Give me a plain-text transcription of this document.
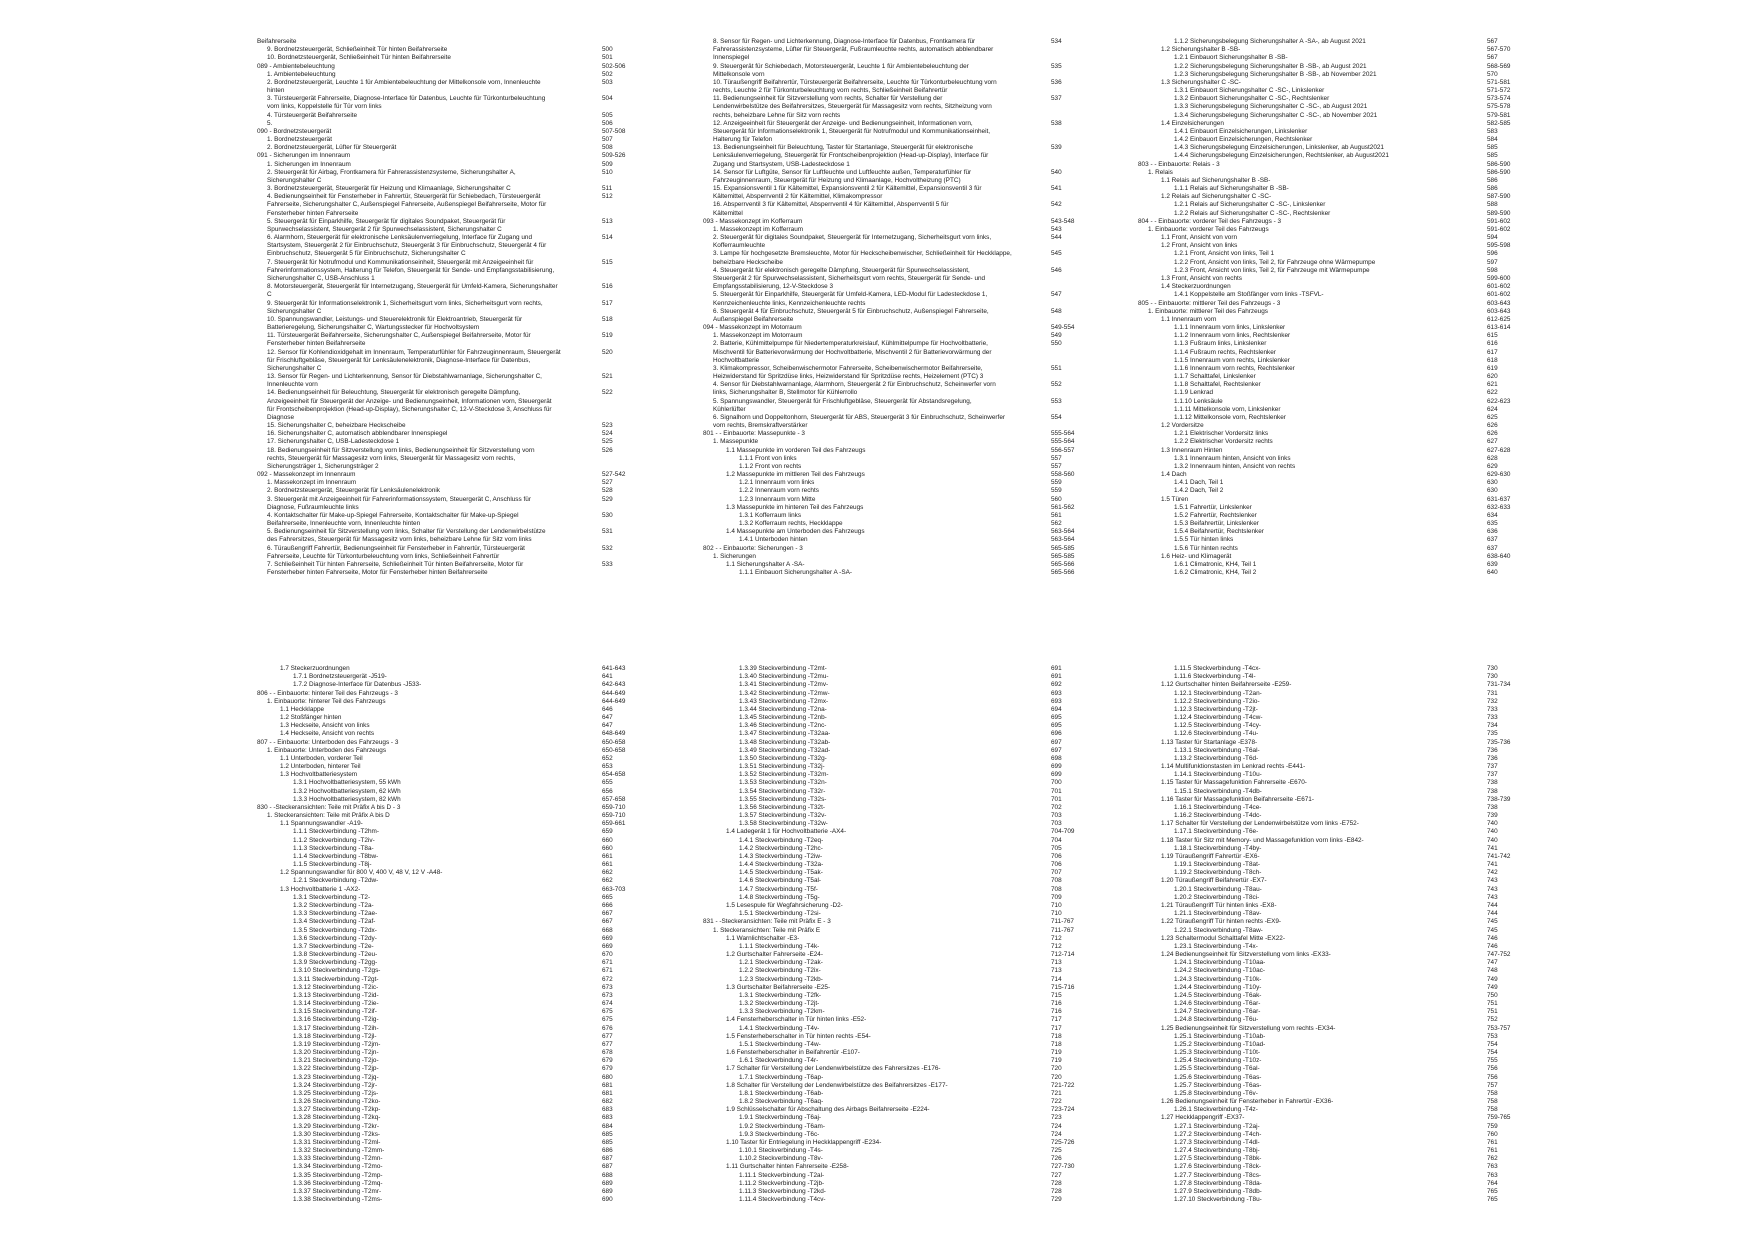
Beifahrerseite
9. Bordnetzsteuergerät, Schließeinheit Tür hinten Beifahrerseite	500
10. Bordnetzsteuergerät, Schließeinheit Tür hinten Beifahrerseite	501
089 - Ambientebeleuchtung	502-506
1. Ambientebeleuchtung	502
2. Bordnetzsteuergerät, Leuchte 1 für Ambientebeleuchtung der Mittelkonsole vorn, Innenleuchte	503
hinten
3. Türsteuergerät Fahrerseite, Diagnose-Interface für Datenbus, Leuchte für Türkonturbeleuchtung	504
vorn links, Koppelstelle für Tür vorn links
4. Türsteuergerät Beifahrerseite	505
5.	506
090 - Bordnetzsteuergerät	507-508
1. Bordnetzsteuergerät	507
2. Bordnetzsteuergerät, Lüfter für Steuergerät	508
091 - Sicherungen im Innenraum	509-526
1. Sicherungen im Innenraum	509
2. Steuergerät für Airbag, Frontkamera für Fahrerassistenzsysteme, Sicherungshalter A,	510
Sicherungshalter C
3. Bordnetzsteuergerät, Steuergerät für Heizung und Klimaanlage, Sicherungshalter C	511
4. Bedienungseinheit für Fensterheber in Fahrertür, Steuergerät für Schiebedach, Türsteuergerät	512
Fahrerseite, Sicherungshalter C, Außenspiegel Fahrerseite, Außenspiegel Beifahrerseite, Motor für
Fensterheber hinten Fahrerseite
5. Steuergerät für Einparkhilfe, Steuergerät für digitales Soundpaket, Steuergerät für	513
Spurwechselassistent, Steuergerät 2 für Spurwechselassistent, Sicherungshalter C
6. Alarmhorn, Steuergerät für elektronische Lenksäulenverriegelung, Interface für Zugang und	514
Startsystem, Steuergerät 2 für Einbruchschutz, Steuergerät 3 für Einbruchschutz, Steuergerät 4 für
Einbruchschutz, Steuergerät 5 für Einbruchschutz, Sicherungshalter C
7. Steuergerät für Notrufmodul und Kommunikationseinheit, Steuergerät mit Anzeigeeinheit für	515
Fahrerinformationssystem, Halterung für Telefon, Steuergerät für Sende- und Empfangsstabilisierung,
Sicherungshalter C, USB-Anschluss 1
8. Motorsteuergerät, Steuergerät für Internetzugang, Steuergerät für Umfeld-Kamera, Sicherungshalter	516
C
9. Steuergerät für Informationselektronik 1, Sicherheitsgurt vorn links, Sicherheitsgurt vorn rechts,	517
Sicherungshalter C
10. Spannungswandler, Leistungs- und Steuerelektronik für Elektroantrieb, Steuergerät für	518
Batterieregelung, Sicherungshalter C, Wartungsstecker für Hochvoltsystem
11. Türsteuergerät Beifahrerseite, Sicherungshalter C, Außenspiegel Beifahrerseite, Motor für	519
Fensterheber hinten Beifahrerseite
12. Sensor für Kohlendioxidgehalt im Innenraum, Temperaturfühler für Fahrzeuginnenraum, Steuergerät	520
für Frischluftgebläse, Steuergerät für Lenksäulenelektronik, Diagnose-Interface für Datenbus,
Sicherungshalter C
13. Sensor für Regen- und Lichterkennung, Sensor für Diebstahlwarnanlage, Sicherungshalter C,	521
Innenleuchte vorn
14. Bedienungseinheit für Beleuchtung, Steuergerät für elektronisch geregelte Dämpfung,	522
Anzeigeeinheit für Steuergerät der Anzeige- und Bedienungseinheit, Informationen vorn, Steuergerät
für Frontscheibenprojektion (Head-up-Display), Sicherungshalter C, 12-V-Steckdose 3, Anschluss für
Diagnose
15. Sicherungshalter C, beheizbare Heckscheibe	523
16. Sicherungshalter C, automatisch abblendbarer Innenspiegel	524
17. Sicherungshalter C, USB-Ladesteckdose 1	525
18. Bedienungseinheit für Sitzverstellung vorn links, Bedienungseinheit für Sitzverstellung vorn	526
rechts, Steuergerät für Massagesitz vorn links, Steuergerät für Massagesitz vorn rechts,
Sicherungsträger 1, Sicherungsträger 2
092 - Massekonzept im Innenraum	527-542
1. Massekonzept im Innenraum	527
2. Bordnetzsteuergerät, Steuergerät für Lenksäulenelektronik	528
3. Steuergerät mit Anzeigeeinheit für Fahrerinformationssystem, Steuergerät C, Anschluss für	529
Diagnose, Fußraumleuchte links
4. Kontaktschalter für Make-up-Spiegel Fahrerseite, Kontaktschalter für Make-up-Spiegel	530
Beifahrerseite, Innenleuchte vorn, Innenleuchte hinten
5. Bedienungseinheit für Sitzverstellung vorn links, Schalter für Verstellung der Lendenwirbelstütze	531
des Fahrersitzes, Steuergerät für Massagesitz vorn links, beheizbare Lehne für Sitz vorn links
6. Türaußengriff Fahrertür, Bedienungseinheit für Fensterheber in Fahrertür, Türsteuergerät	532
Fahrerseite, Leuchte für Türkonturbeleuchtung vorn links, Schließeinheit Fahrertür
7. Schließeinheit Tür hinten Fahrerseite, Schließeinheit Tür hinten Beifahrerseite, Motor für	533
Fensterheber hinten Fahrerseite, Motor für Fensterheber hinten Beifahrerseite
8. Sensor für Regen- und Lichterkennung, Diagnose-Interface für Datenbus, Frontkamera für	534
Fahrerassistenzsysteme, Lüfter für Steuergerät, Fußraumleuchte rechts, automatisch abblendbarer
Innenspiegel
9. Steuergerät für Schiebedach, Motorsteuergerät, Leuchte 1 für Ambientebeleuchtung der	535
Mittelkonsole vorn
10. Türaußengriff Beifahrertür, Türsteuergerät Beifahrerseite, Leuchte für Türkonturbeleuchtung vorn	536
rechts, Leuchte 2 für Türkonturbeleuchtung vorn rechts, Schließeinheit Beifahrertür
11. Bedienungseinheit für Sitzverstellung vorn rechts, Schalter für Verstellung der	537
Lendenwirbelstütze des Beifahrersitzes, Steuergerät für Massagesitz vorn rechts, Sitzheizung vorn
rechts, beheizbare Lehne für Sitz vorn rechts
12. Anzeigeeinheit für Steuergerät der Anzeige- und Bedienungseinheit, Informationen vorn,	538
Steuergerät für Informationselektronik 1, Steuergerät für Notrufmodul und Kommunikationseinheit,
Halterung für Telefon
13. Bedienungseinheit für Beleuchtung, Taster für Startanlage, Steuergerät für elektronische	539
Lenksäulenverriegelung, Steuergerät für Frontscheibenprojektion (Head-up-Display), Interface für
Zugang und Startsystem, USB-Ladesteckdose 1
14. Sensor für Luftgüte, Sensor für Luftfeuchte und Luftfeuchte außen, Temperaturfühler für	540
Fahrzeuginnenraum, Steuergerät für Heizung und Klimaanlage, Hochvoltheizung (PTC)
15. Expansionsventil 1 für Kältemittel, Expansionsventil 2 für Kältemittel, Expansionsventil 3 für	541
Kältemittel, Absperrventil 2 für Kältemittel, Klimakompressor
16. Absperrventil 3 für Kältemittel, Absperrventil 4 für Kältemittel, Absperrventil 5 für	542
Kältemittel
093 - Massekonzept im Kofferraum	543-548
1. Massekonzept im Kofferraum	543
2. Steuergerät für digitales Soundpaket, Steuergerät für Internetzugang, Sicherheitsgurt vorn links,	544
Kofferraumleuchte
3. Lampe für hochgesetzte Bremsleuchte, Motor für Heckscheibenwischer, Schließeinheit für Heckklappe,	545
beheizbare Heckscheibe
4. Steuergerät für elektronisch geregelte Dämpfung, Steuergerät für Spurwechselassistent,	546
Steuergerät 2 für Spurwechselassistent, Sicherheitsgurt vorn rechts, Steuergerät für Sende- und
Empfangsstabilisierung, 12-V-Steckdose 3
5. Steuergerät für Einparkhilfe, Steuergerät für Umfeld-Kamera, LED-Modul für Ladesteckdose 1,	547
Kennzeichenleuchte links, Kennzeichenleuchte rechts
6. Steuergerät 4 für Einbruchschutz, Steuergerät 5 für Einbruchschutz, Außenspiegel Fahrerseite,	548
Außenspiegel Beifahrerseite
094 - Massekonzept im Motorraum	549-554
1. Massekonzept im Motorraum	549
2. Batterie, Kühlmittelpumpe für Niedertemperaturkreislauf, Kühlmittelpumpe für Hochvoltbatterie,	550
Mischventil für Batterievorwärmung der Hochvoltbatterie, Mischventil 2 für Batterievorwärmung der
Hochvoltbatterie
3. Klimakompressor, Scheibenwischermotor Fahrerseite, Scheibenwischermotor Beifahrerseite,	551
Heizwiderstand für Spritzdüse links, Heizwiderstand für Spritzdüse rechts, Heizelement (PTC) 3
4. Sensor für Diebstahlwarnanlage, Alarmhorn, Steuergerät 2 für Einbruchschutz, Scheinwerfer vorn	552
links, Sicherungshalter B, Stellmotor für Kühlerrollo
5. Spannungswandler, Steuergerät für Frischluftgebläse, Steuergerät für Abstandsregelung,	553
Kühlerlüfter
6. Signalhorn und Doppeltonhorn, Steuergerät für ABS, Steuergerät 3 für Einbruchschutz, Scheinwerfer	554
vorn rechts, Bremskraftverstärker
801 - - Einbauorte: Massepunkte - 3	555-564
1. Massepunkte	555-564
1.1 Massepunkte im vorderen Teil des Fahrzeugs	556-557
1.1.1 Front von links	557
1.1.2 Front von rechts	557
1.2 Massepunkte im mittleren Teil des Fahrzeugs	558-560
1.2.1 Innenraum vorn links	559
1.2.2 Innenraum vorn rechts	559
1.2.3 Innenraum vorn Mitte	560
1.3 Massepunkte im hinteren Teil des Fahrzeugs	561-562
1.3.1 Kofferraum links	561
1.3.2 Kofferraum rechts, Heckklappe	562
1.4 Massepunkte am Unterboden des Fahrzeugs	563-564
1.4.1 Unterboden hinten	563-564
802 - - Einbauorte: Sicherungen - 3	565-585
1. Sicherungen	565-585
1.1 Sicherungshalter A -SA-	565-566
1.1.1 Einbauort Sicherungshalter A -SA-	565-566
1.1.2 Sicherungsbelegung Sicherungshalter A -SA-, ab August 2021	567
1.2 Sicherungshalter B -SB-	567-570
1.2.1 Einbauort Sicherungshalter B -SB-	567
1.2.2 Sicherungsbelegung Sicherungshalter B -SB-, ab August 2021	568-569
1.2.3 Sicherungsbelegung Sicherungshalter B -SB-, ab November 2021	570
1.3 Sicherungshalter C -SC-	571-581
1.3.1 Einbauort Sicherungshalter C -SC-, Linkslenker	571-572
1.3.2 Einbauort Sicherungshalter C -SC-, Rechtslenker	573-574
1.3.3 Sicherungsbelegung Sicherungshalter C -SC-, ab August 2021	575-578
1.3.4 Sicherungsbelegung Sicherungshalter C -SC-, ab November 2021	579-581
1.4 Einzelsicherungen	582-585
1.4.1 Einbauort Einzelsicherungen, Linkslenker	583
1.4.2 Einbauort Einzelsicherungen, Rechtslenker	584
1.4.3 Sicherungsbelegung Einzelsicherungen, Linkslenker, ab August2021	585
1.4.4 Sicherungsbelegung Einzelsicherungen, Rechtslenker, ab August2021	585
803 - - Einbauorte: Relais - 3	586-590
1. Relais	586-590
1.1 Relais auf Sicherungshalter B -SB-	586
1.1.1 Relais auf Sicherungshalter B -SB-	586
1.2 Relais auf Sicherungshalter C -SC-	587-590
1.2.1 Relais auf Sicherungshalter C -SC-, Linkslenker	588
1.2.2 Relais auf Sicherungshalter C -SC-, Rechtslenker	589-590
804 - - Einbauorte: vorderer Teil des Fahrzeugs - 3	591-602
1. Einbauorte: vorderer Teil des Fahrzeugs	591-602
1.1 Front, Ansicht von vorn	594
1.2 Front, Ansicht von links	595-598
1.2.1 Front, Ansicht von links, Teil 1	596
1.2.2 Front, Ansicht von links, Teil 2, für Fahrzeuge ohne Wärmepumpe	597
1.2.3 Front, Ansicht von links, Teil 2, für Fahrzeuge mit Wärmepumpe	598
1.3 Front, Ansicht von rechts	599-600
1.4 Steckerzuordnungen	601-602
1.4.1 Koppelstelle am Stoßfänger vorn links -TSFVL-	601-602
805 - - Einbauorte: mittlerer Teil des Fahrzeugs - 3	603-643
1. Einbauorte: mittlerer Teil des Fahrzeugs	603-643
1.1 Innenraum vorn	612-625
1.1.1 Innenraum vorn links, Linkslenker	613-614
1.1.2 Innenraum vorn links, Rechtslenker	615
1.1.3 Fußraum links, Linkslenker	616
1.1.4 Fußraum rechts, Rechtslenker	617
1.1.5 Innenraum vorn rechts, Linkslenker	618
1.1.6 Innenraum vorn rechts, Rechtslenker	619
1.1.7 Schalttafel, Linkslenker	620
1.1.8 Schalttafel, Rechtslenker	621
1.1.9 Lenkrad	622
1.1.10 Lenksäule	622-623
1.1.11 Mittelkonsole vorn, Linkslenker	624
1.1.12 Mittelkonsole vorn, Rechtslenker	625
1.2 Vordersitze	626
1.2.1 Elektrischer Vordersitz links	626
1.2.2 Elektrischer Vordersitz rechts	627
1.3 Innenraum Hinten	627-628
1.3.1 Innenraum hinten, Ansicht von links	628
1.3.2 Innenraum hinten, Ansicht von rechts	629
1.4 Dach	629-630
1.4.1 Dach, Teil 1	630
1.4.2 Dach, Teil 2	630
1.5 Türen	631-637
1.5.1 Fahrertür, Linkslenker	632-633
1.5.2 Fahrertür, Rechtslenker	634
1.5.3 Beifahrertür, Linkslenker	635
1.5.4 Beifahrertür, Rechtslenker	636
1.5.5 Tür hinten links	637
1.5.6 Tür hinten rechts	637
1.6 Heiz- und Klimagerät	638-640
1.6.1 Climatronic, KH4, Teil 1	639
1.6.2 Climatronic, KH4, Teil 2	640
1.7 Steckerzuordnungen	641-643
1.7.1 Bordnetzsteuergerät -J519-	641
1.7.2 Diagnose-Interface für Datenbus -J533-	642-643
806 - - Einbauorte: hinterer Teil des Fahrzeugs - 3	644-649
1. Einbauorte: hinterer Teil des Fahrzeugs	644-649
1.1 Heckklappe	646
1.2 Stoßfänger hinten	647
1.3 Heckseite, Ansicht von links	647
1.4 Heckseite, Ansicht von rechts	648-649
807 - - Einbauorte: Unterboden des Fahrzeugs - 3	650-658
1. Einbauorte: Unterboden des Fahrzeugs	650-658
1.1 Unterboden, vorderer Teil	652
1.2 Unterboden, hinterer Teil	653
1.3 Hochvoltbatteriesystem	654-658
1.3.1 Hochvoltbatteriesystem, 55 kWh	655
1.3.2 Hochvoltbatteriesystem, 62 kWh	656
1.3.3 Hochvoltbatteriesystem, 82 kWh	657-658
830 - -Steckeransichten: Teile mit Präfix A bis D - 3	659-710
1. Steckeransichten: Teile mit Präfix A bis D	659-710
1.1 Spannungswandler -A19-	659-661
1.1.1 Steckverbindung -T2hm-	659
1.1.2 Steckverbindung -T2iv-	660
1.1.3 Steckverbindung -T8a-	660
1.1.4 Steckverbindung -T8bw-	661
1.1.5 Steckverbindung -T8j-	661
1.2 Spannungswandler für 800 V, 400 V, 48 V, 12 V -A48-	662
1.2.1 Steckverbindung -T2dw-	662
1.3 Hochvoltbatterie 1 -AX2-	663-703
1.3.1 Steckverbindung -T2-	665
1.3.2 Steckverbindung -T2a-	666
1.3.3 Steckverbindung -T2ae-	667
1.3.4 Steckverbindung -T2af-	667
1.3.5 Steckverbindung -T2dx-	668
1.3.6 Steckverbindung -T2dy-	669
1.3.7 Steckverbindung -T2e-	669
1.3.8 Steckverbindung -T2eu-	670
1.3.9 Steckverbindung -T2gg-	671
1.3.10 Steckverbindung -T2gs-	671
1.3.11 Steckverbindung -T2gt-	672
1.3.12 Steckverbindung -T2ic-	673
1.3.13 Steckverbindung -T2id-	673
1.3.14 Steckverbindung -T2ie-	674
1.3.15 Steckverbindung -T2if-	675
1.3.16 Steckverbindung -T2ig-	675
1.3.17 Steckverbindung -T2ih-	676
1.3.18 Steckverbindung -T2jl-	677
1.3.19 Steckverbindung -T2jm-	677
1.3.20 Steckverbindung -T2jn-	678
1.3.21 Steckverbindung -T2jo-	679
1.3.22 Steckverbindung -T2jp-	679
1.3.23 Steckverbindung -T2jq-	680
1.3.24 Steckverbindung -T2jr-	681
1.3.25 Steckverbindung -T2js-	681
1.3.26 Steckverbindung -T2ko-	682
1.3.27 Steckverbindung -T2kp-	683
1.3.28 Steckverbindung -T2kq-	683
1.3.29 Steckverbindung -T2kr-	684
1.3.30 Steckverbindung -T2ks-	685
1.3.31 Steckverbindung -T2ml-	685
1.3.32 Steckverbindung -T2mm-	686
1.3.33 Steckverbindung -T2mn-	687
1.3.34 Steckverbindung -T2mo-	687
1.3.35 Steckverbindung -T2mp-	688
1.3.36 Steckverbindung -T2mq-	689
1.3.37 Steckverbindung -T2mr-	689
1.3.38 Steckverbindung -T2ms-	690
1.3.39 Steckverbindung -T2mt-	691
1.3.40 Steckverbindung -T2mu-	691
1.3.41 Steckverbindung -T2mv-	692
1.3.42 Steckverbindung -T2mw-	693
1.3.43 Steckverbindung -T2mx-	693
1.3.44 Steckverbindung -T2na-	694
1.3.45 Steckverbindung -T2nb-	695
1.3.46 Steckverbindung -T2nc-	695
1.3.47 Steckverbindung -T32aa-	696
1.3.48 Steckverbindung -T32ab-	697
1.3.49 Steckverbindung -T32ad-	697
1.3.50 Steckverbindung -T32g-	698
1.3.51 Steckverbindung -T32j-	699
1.3.52 Steckverbindung -T32m-	699
1.3.53 Steckverbindung -T32n-	700
1.3.54 Steckverbindung -T32r-	701
1.3.55 Steckverbindung -T32s-	701
1.3.56 Steckverbindung -T32t-	702
1.3.57 Steckverbindung -T32v-	703
1.3.58 Steckverbindung -T32w-	703
1.4 Ladegerät 1 für Hochvoltbatterie -AX4-	704-709
1.4.1 Steckverbindung -T2eq-	704
1.4.2 Steckverbindung -T2hc-	705
1.4.3 Steckverbindung -T2iw-	706
1.4.4 Steckverbindung -T32a-	706
1.4.5 Steckverbindung -T5ak-	707
1.4.6 Steckverbindung -T5al-	708
1.4.7 Steckverbindung -T5f-	708
1.4.8 Steckverbindung -T5g-	709
1.5 Lesespule für Wegfahrsicherung -D2-	710
1.5.1 Steckverbindung -T2si-	710
831 - -Steckeransichten: Teile mit Präfix E - 3	711-767
1. Steckeransichten: Teile mit Präfix E	711-767
1.1 Warnlichtschalter -E3-	712
1.1.1 Steckverbindung -T4k-	712
1.2 Gurtschalter Fahrerseite -E24-	712-714
1.2.1 Steckverbindung -T2ak-	713
1.2.2 Steckverbindung -T2ix-	713
1.2.3 Steckverbindung -T2kb-	714
1.3 Gurtschalter Beifahrerseite -E25-	715-716
1.3.1 Steckverbindung -T2fk-	715
1.3.2 Steckverbindung -T2jt-	716
1.3.3 Steckverbindung -T2km-	716
1.4 Fensterheberschalter in Tür hinten links -E52-	717
1.4.1 Steckverbindung -T4v-	717
1.5 Fensterheberschalter in Tür hinten rechts -E54-	718
1.5.1 Steckverbindung -T4w-	718
1.6 Fensterheberschalter in Beifahrertür -E107-	719
1.6.1 Steckverbindung -T4r-	719
1.7 Schalter für Verstellung der Lendenwirbelstütze des Fahrersitzes -E176-	720
1.7.1 Steckverbindung -T6ap-	720
1.8 Schalter für Verstellung der Lendenwirbelstütze des Beifahrersitzes -E177-	721-722
1.8.1 Steckverbindung -T6ab-	721
1.8.2 Steckverbindung -T6aq-	722
1.9 Schlüsselschalter für Abschaltung des Airbags Beifahrerseite -E224-	723-724
1.9.1 Steckverbindung -T6aj-	723
1.9.2 Steckverbindung -T6am-	724
1.9.3 Steckverbindung -T6c-	724
1.10 Taster für Entriegelung in Heckklappengriff -E234-	725-726
1.10.1 Steckverbindung -T4s-	725
1.10.2 Steckverbindung -T8v-	726
1.11 Gurtschalter hinten Fahrerseite -E258-	727-730
1.11.1 Steckverbindung -T2al-	727
1.11.2 Steckverbindung -T2jb-	728
1.11.3 Steckverbindung -T2kd-	728
1.11.4 Steckverbindung -T4cv-	729
1.11.5 Steckverbindung -T4cx-	730
1.11.6 Steckverbindung -T4l-	730
1.12 Gurtschalter hinten Beifahrerseite -E259-	731-734
1.12.1 Steckverbindung -T2an-	731
1.12.2 Steckverbindung -T2io-	732
1.12.3 Steckverbindung -T2jt-	733
1.12.4 Steckverbindung -T4cw-	733
1.12.5 Steckverbindung -T4cy-	734
1.12.6 Steckverbindung -T4u-	735
1.13 Taster für Startanlage -E378-	735-736
1.13.1 Steckverbindung -T6al-	736
1.13.2 Steckverbindung -T6d-	736
1.14 Multifunktionstasten im Lenkrad rechts -E441-	737
1.14.1 Steckverbindung -T10u-	737
1.15 Taster für Massagefunktion Fahrerseite -E670-	738
1.15.1 Steckverbindung -T4db-	738
1.16 Taster für Massagefunktion Beifahrerseite -E671-	738-739
1.16.1 Steckverbindung -T4ce-	738
1.16.2 Steckverbindung -T4dc-	739
1.17 Schalter für Verstellung der Lendenwirbelstütze vorn links -E752-	740
1.17.1 Steckverbindung -T6e-	740
1.18 Taster für Sitz mit Memory- und Massagefunktion vorn links -E842-	740
1.18.1 Steckverbindung -T4by-	741
1.19 Türaußengriff Fahrertür -EX6-	741-742
1.19.1 Steckverbindung -T8at-	741
1.19.2 Steckverbindung -T8ch-	742
1.20 Türaußengriff Beifahrertür -EX7-	743
1.20.1 Steckverbindung -T8au-	743
1.20.2 Steckverbindung -T8ci-	743
1.21 Türaußengriff Tür hinten links -EX8-	744
1.21.1 Steckverbindung -T8av-	744
1.22 Türaußengriff Tür hinten rechts -EX9-	745
1.22.1 Steckverbindung -T8aw-	745
1.23 Schaltermodul Schalttafel Mitte -EX22-	746
1.23.1 Steckverbindung -T4x-	746
1.24 Bedienungseinheit für Sitzverstellung vorn links -EX33-	747-752
1.24.1 Steckverbindung -T10aa-	747
1.24.2 Steckverbindung -T10ac-	748
1.24.3 Steckverbindung -T10k-	749
1.24.4 Steckverbindung -T10y-	749
1.24.5 Steckverbindung -T6ak-	750
1.24.6 Steckverbindung -T6ar-	751
1.24.7 Steckverbindung -T6ar-	751
1.24.8 Steckverbindung -T6u-	752
1.25 Bedienungseinheit für Sitzverstellung vorn rechts -EX34-	753-757
1.25.1 Steckverbindung -T10ab-	753
1.25.2 Steckverbindung -T10ad-	754
1.25.3 Steckverbindung -T10t-	754
1.25.4 Steckverbindung -T10z-	755
1.25.5 Steckverbindung -T6al-	756
1.25.6 Steckverbindung -T6as-	756
1.25.7 Steckverbindung -T6as-	757
1.25.8 Steckverbindung -T6v-	758
1.26 Bedienungseinheit für Fensterheber in Fahrertür -EX36-	758
1.26.1 Steckverbindung -T4z-	758
1.27 Heckklappengriff -EX37-	759-765
1.27.1 Steckverbindung -T2aj-	759
1.27.2 Steckverbindung -T4ch-	760
1.27.3 Steckverbindung -T4dl-	761
1.27.4 Steckverbindung -T8bj-	761
1.27.5 Steckverbindung -T8bk-	762
1.27.6 Steckverbindung -T8ck-	763
1.27.7 Steckverbindung -T8cs-	763
1.27.8 Steckverbindung -T8da-	764
1.27.9 Steckverbindung -T8db-	765
1.27.10 Steckverbindung -T8u-	765
